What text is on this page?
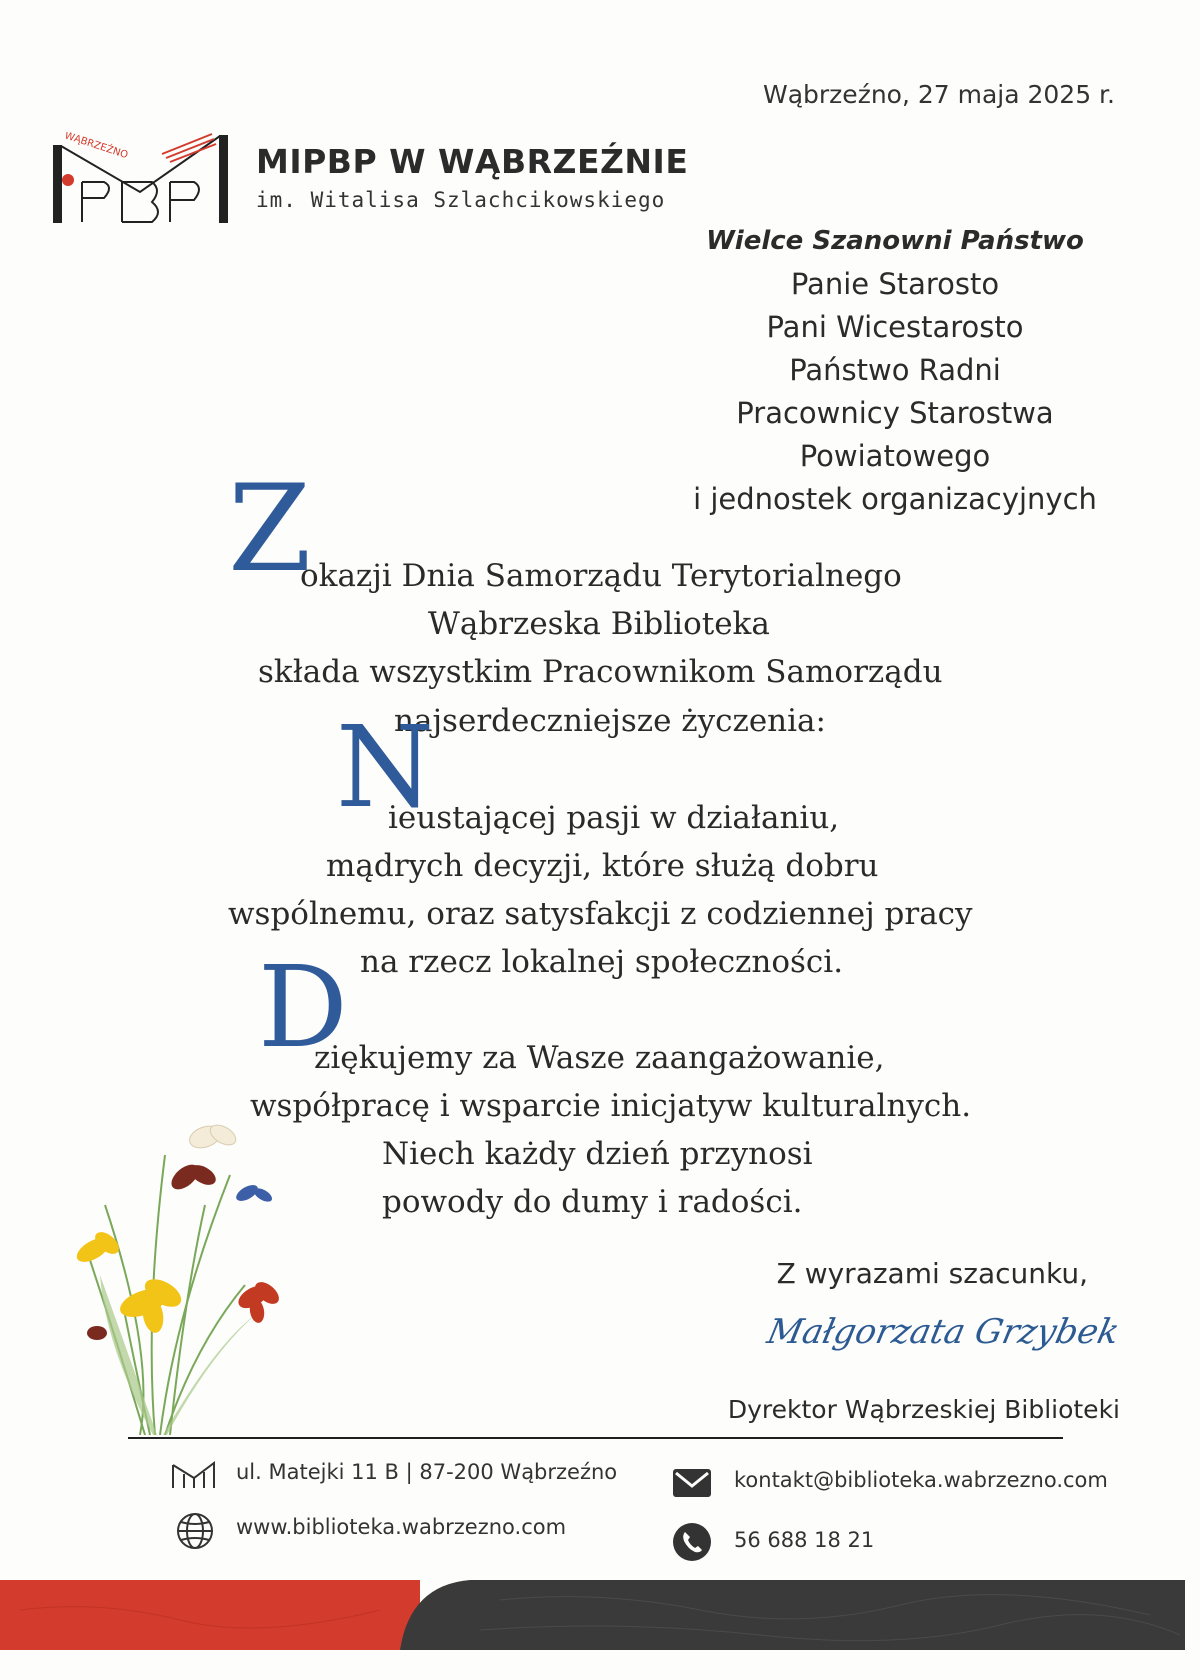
Wąbrzeźno, 27 maja 2025 r.
WĄBRZEŹNO	MIPBP W WĄBRZEŹNIE
im. Witalisa Szlachcikowskiego
Wielce Szanowni Państwo
Panie Starosto
Pani Wicestarosto
Państwo Radni
Pracownicy Starostwa
Powiatowego
i jednostek organizacyjnych
Z
okazji Dnia Samorządu Terytorialnego
Wąbrzeska Biblioteka
składa wszystkim Pracownikom Samorządu
najserdeczniejsze życzenia:
N
ieustającej pasji w działaniu,
mądrych decyzji, które służą dobru
wspólnemu, oraz satysfakcji z codziennej pracy
na rzecz lokalnej społeczności.
D
ziękujemy za Wasze zaangażowanie,
współpracę i wsparcie inicjatyw kulturalnych.
Niech każdy dzień przynosi
powody do dumy i radości.
Z wyrazami szacunku,
Małgorzata Grzybek
Dyrektor Wąbrzeskiej Biblioteki
ul. Matejki 11 B | 87-200 Wąbrzeźno
www.biblioteka.wabrzezno.com
kontakt@biblioteka.wabrzezno.com
56 688 18 21
